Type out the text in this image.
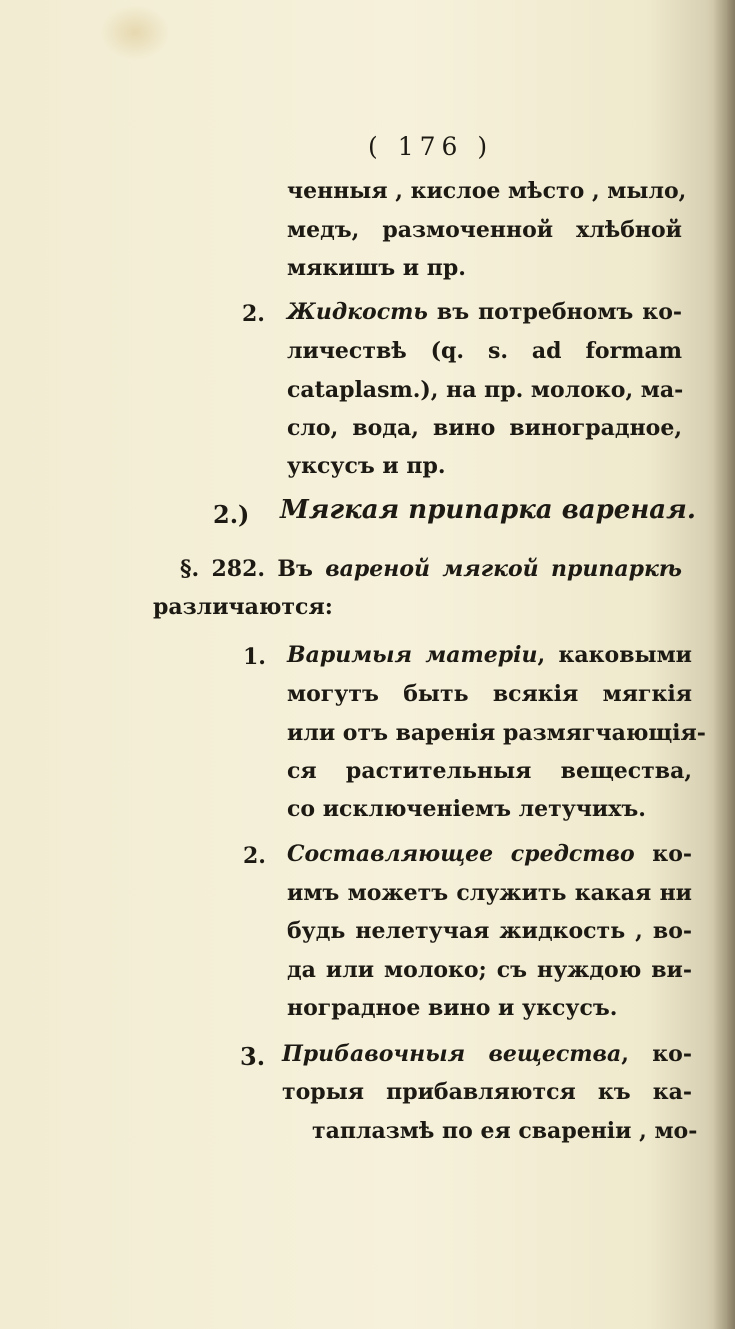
( 176 )
ченныя , кислое мѣсто , мыло,
медъ, размоченной хлѣбной
мякишъ и пр.
2. Жидкость въ потребномъ ко-
личествѣ (q. s. ad formam
cataplasm.), на пр. молоко, ма-
сло, вода, вино виноградное,
уксусъ и пр.
2.) Мягкая припарка вареная.
§. 282. Въ вареной мягкой припаркѣ
различаются:
1. Варимыя матеріи, каковыми
могутъ быть всякія мягкія
или отъ варенія размягчающія-
ся растительныя вещества,
со исключеніемъ летучихъ.
2. Составляющее средство ко-
имъ можетъ служить какая ни
будь нелетучая жидкость , во-
да или молоко; съ нуждою ви-
ноградное вино и уксусъ.
3. Прибавочныя вещества, ко-
торыя прибавляются къ ка-
таплазмѣ по ея свареніи , мо-
